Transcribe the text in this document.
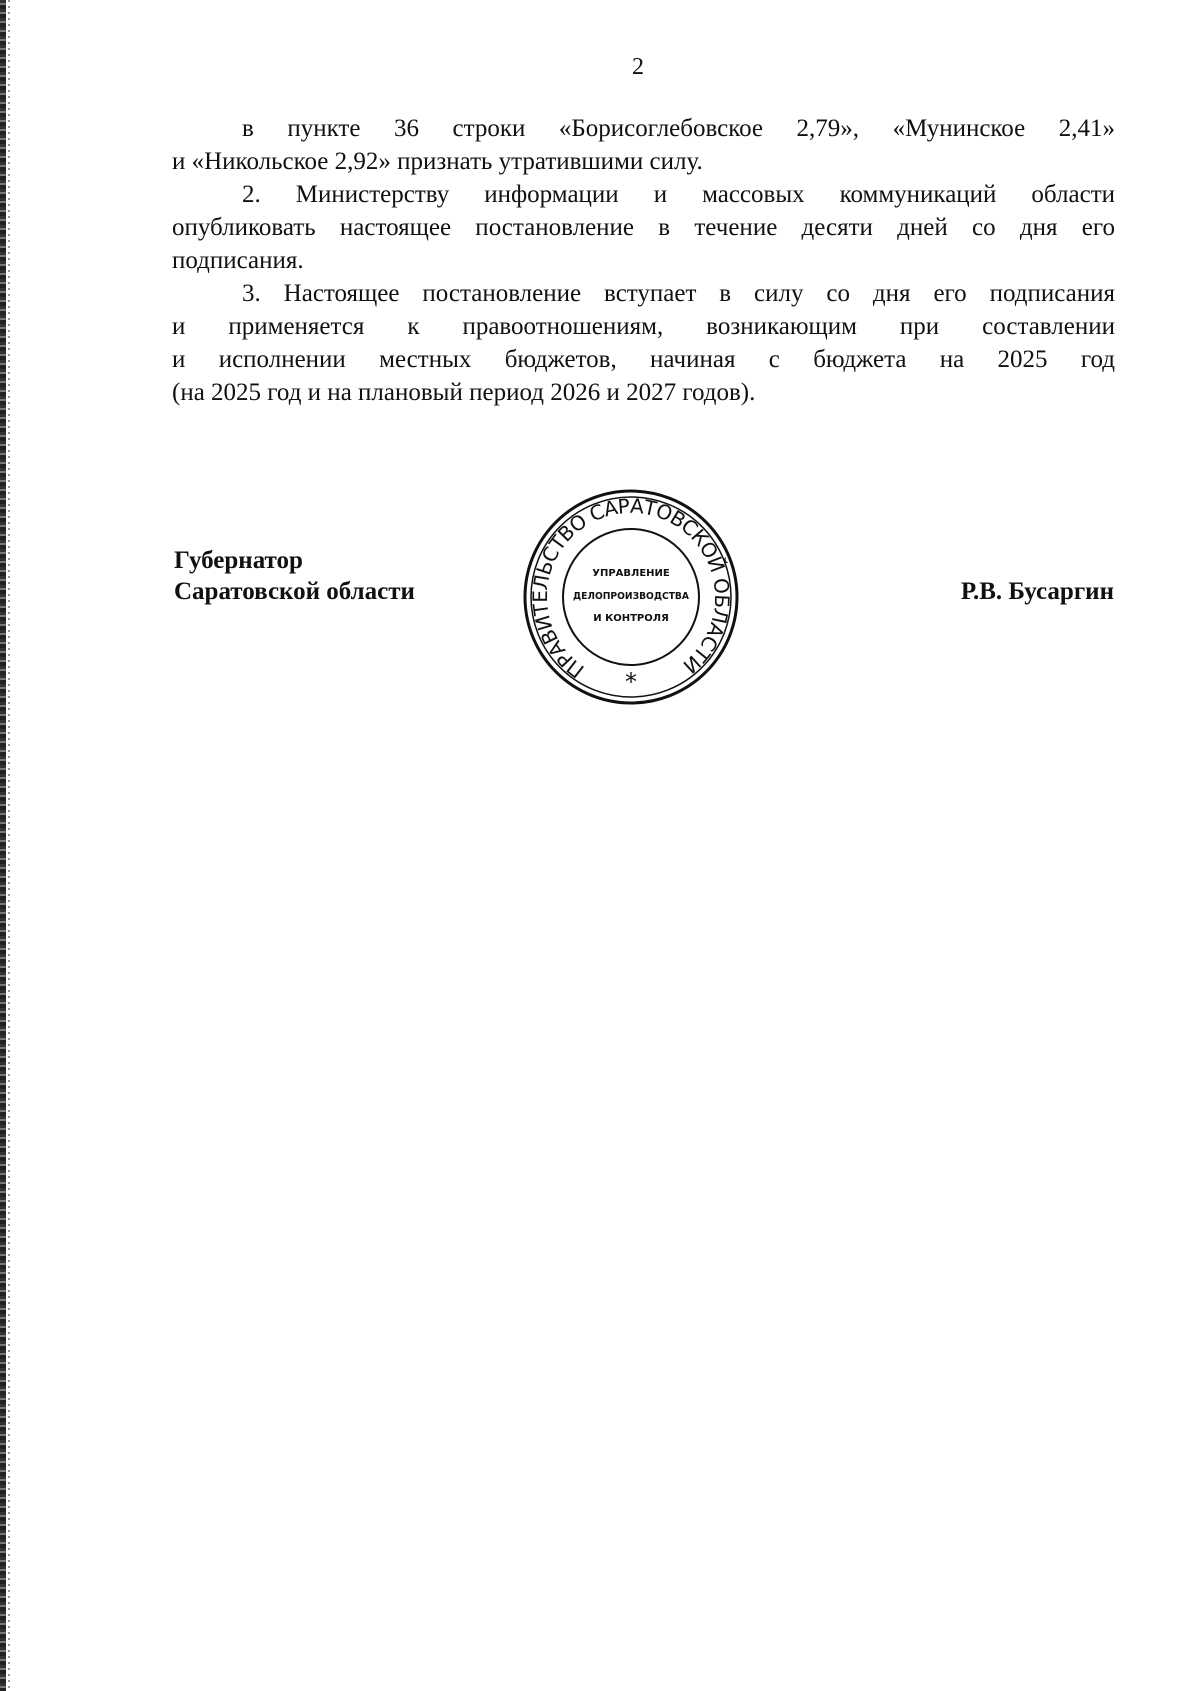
2
в пункте 36 строки «Борисоглебовское 2,79», «Мунинское 2,41»
и «Никольское 2,92» признать утратившими силу.
2. Министерству информации и массовых коммуникаций области
опубликовать настоящее постановление в течение десяти дней со дня его
подписания.
3. Настоящее постановление вступает в силу со дня его подписания
и применяется к правоотношениям, возникающим при составлении
и исполнении местных бюджетов, начиная с бюджета на 2025 год
(на 2025 год и на плановый период 2026 и 2027 годов).
Губернатор
Саратовской области	Р.В. Бусаргин
ПРАВИТЕЛЬСТВО САРАТОВСКОЙ ОБЛАСТИ
УПРАВЛЕНИЕ
ДЕЛОПРОИЗВОДСТВА
И КОНТРОЛЯ
*
